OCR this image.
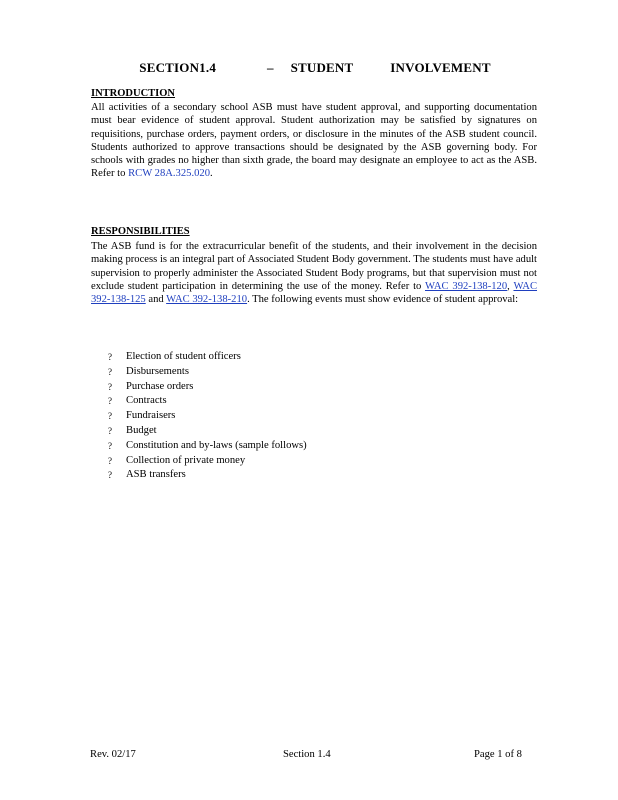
SECTION1.4	– STUDENT	INVOLVEMENT
INTRODUCTION
All activities of a secondary school ASB must have student approval, and supporting documentation must bear evidence of student approval. Student authorization may be satisfied by signatures on requisitions, purchase orders, payment orders, or disclosure in the minutes of the ASB student council. Students authorized to approve transactions should be designated by the ASB governing body. For schools with grades no higher than sixth grade, the board may designate an employee to act as the ASB. Refer to RCW 28A.325.020.
RESPONSIBILITIES
The ASB fund is for the extracurricular benefit of the students, and their involvement in the decision making process is an integral part of Associated Student Body government. The students must have adult supervision to properly administer the Associated Student Body programs, but that supervision must not exclude student participation in determining the use of the money. Refer to WAC 392-138-120, WAC 392-138-125 and WAC 392-138-210. The following events must show evidence of student approval:
? Election of student officers
? Disbursements
? Purchase orders
? Contracts
? Fundraisers
? Budget
? Constitution and by-laws (sample follows)
? Collection of private money
? ASB transfers
Rev. 02/17	Section 1.4	Page 1 of 8
